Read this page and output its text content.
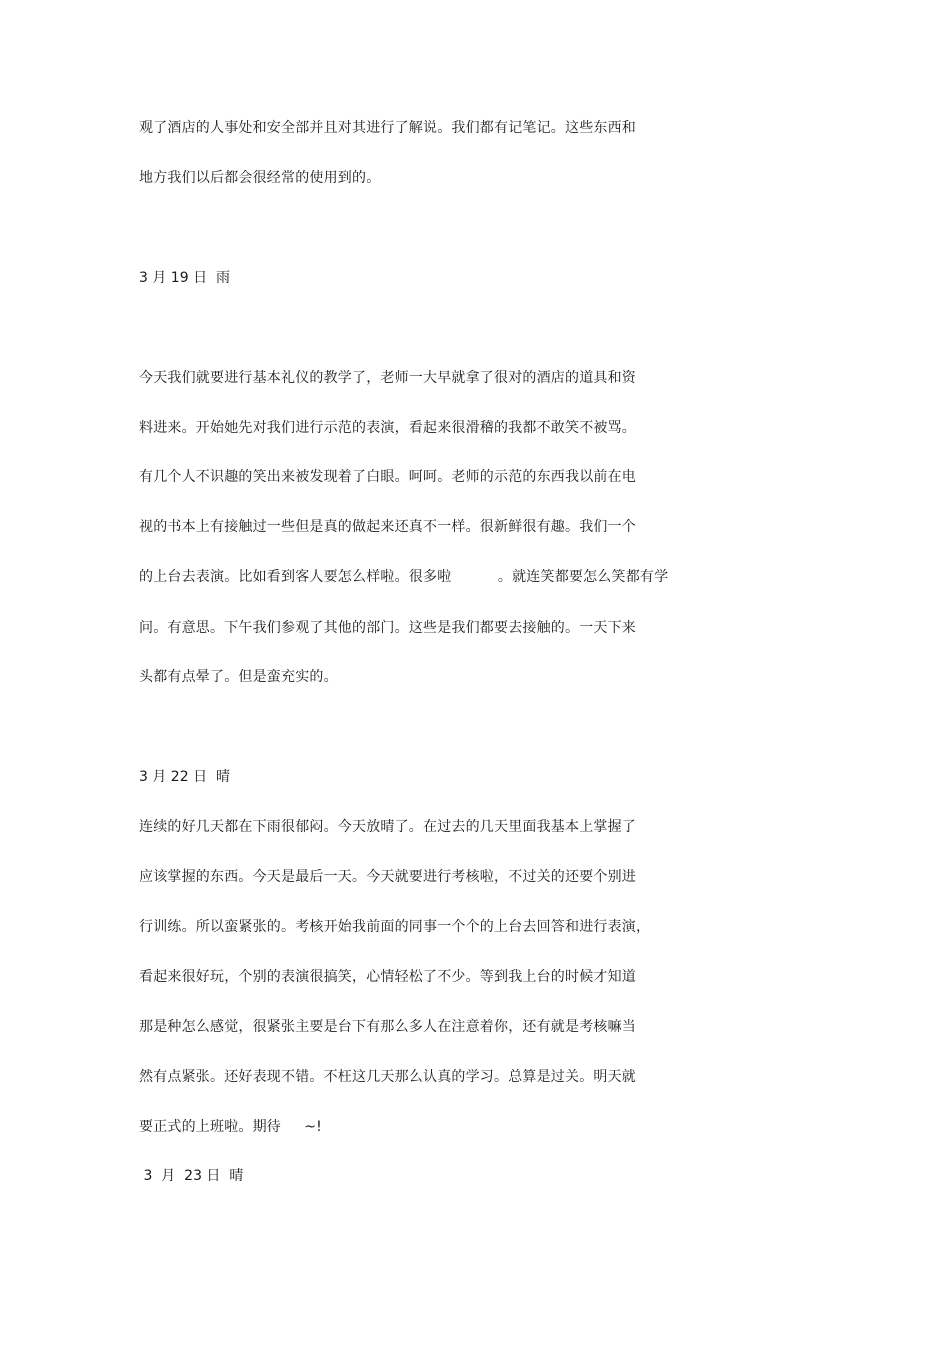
观了酒店的人事处和安全部并且对其进行了解说。我们都有记笔记。这些东西和
地方我们以后都会很经常的使用到的。
3 月 19 日  雨
今天我们就要进行基本礼仪的教学了，老师一大早就拿了很对的酒店的道具和资
料进来。开始她先对我们进行示范的表演，看起来很滑稽的我都不敢笑不被骂。
有几个人不识趣的笑出来被发现着了白眼。呵呵。老师的示范的东西我以前在电
视的书本上有接触过一些但是真的做起来还真不一样。很新鲜很有趣。我们一个
的上台去表演。比如看到客人要怎么样啦。很多啦          。就连笑都要怎么笑都有学
问。有意思。下午我们参观了其他的部门。这些是我们都要去接触的。一天下来
头都有点晕了。但是蛮充实的。
3 月 22 日  晴
连续的好几天都在下雨很郁闷。今天放晴了。在过去的几天里面我基本上掌握了
应该掌握的东西。今天是最后一天。今天就要进行考核啦，不过关的还要个别进
行训练。所以蛮紧张的。考核开始我前面的同事一个个的上台去回答和进行表演，
看起来很好玩，个别的表演很搞笑，心情轻松了不少。等到我上台的时候才知道
那是种怎么感觉，很紧张主要是台下有那么多人在注意着你，还有就是考核嘛当
然有点紧张。还好表现不错。不枉这几天那么认真的学习。总算是过关。明天就
要正式的上班啦。期待     ~!
3  月  23 日  晴
